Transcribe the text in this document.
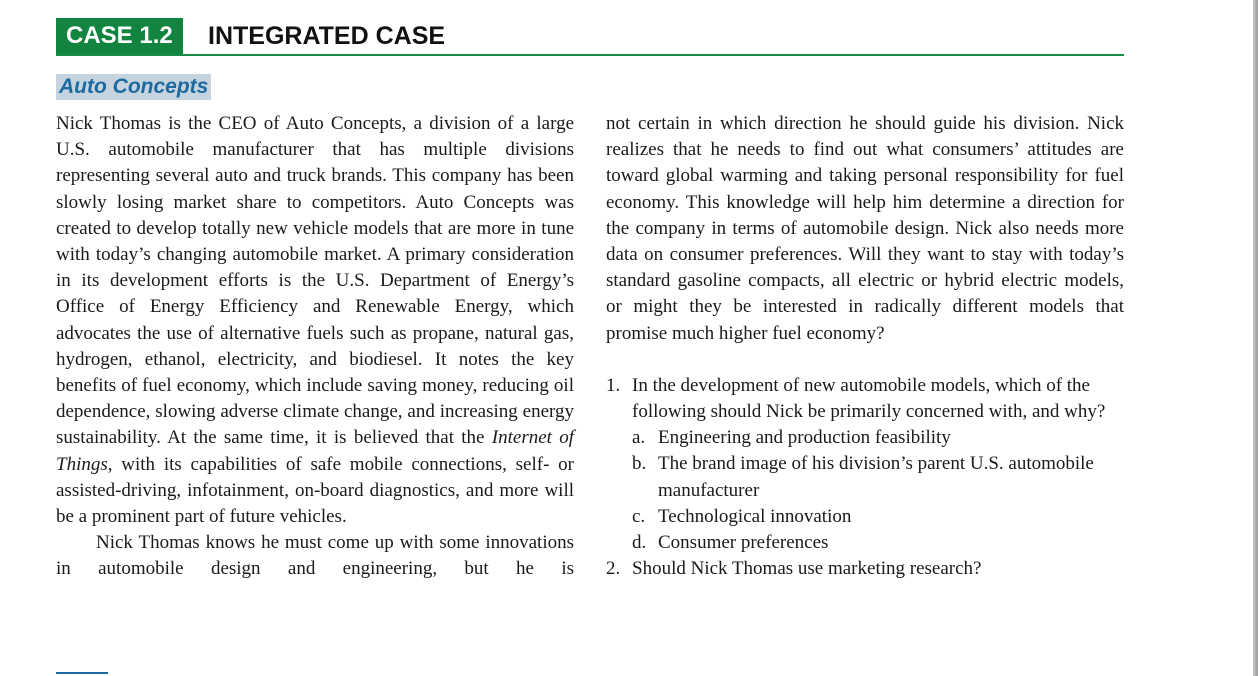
CASE 1.2	INTEGRATED CASE
Auto Concepts

Nick Thomas is the CEO of Auto Concepts, a division of a large U.S. automobile manufacturer that has multiple divisions representing several auto and truck brands. This company has been slowly losing market share to competitors. Auto Concepts was created to develop totally new vehicle models that are more in tune with today’s changing automobile market. A primary consideration in its development efforts is the U.S. Department of Energy’s Office of Energy Efficiency and Renewable Energy, which advocates the use of alternative fuels such as propane, natural gas, hydrogen, ethanol, electricity, and biodiesel. It notes the key benefits of fuel economy, which include saving money, reducing oil dependence, slowing adverse climate change, and increasing energy sustainability. At the same time, it is believed that the Internet of Things, with its capabilities of safe mobile connections, self- or assisted-driving, infotainment, on-board diagnostics, and more will be a prominent part of future vehicles.

Nick Thomas knows he must come up with some innovations in automobile design and engineering, but he is

not certain in which direction he should guide his division. Nick realizes that he needs to find out what consumers’ attitudes are toward global warming and taking personal responsibility for fuel economy. This knowledge will help him determine a direction for the company in terms of automobile design. Nick also needs more data on consumer preferences. Will they want to stay with today’s standard gasoline compacts, all electric or hybrid electric models, or might they be interested in radically different models that promise much higher fuel economy?

1. In the development of new automobile models, which of the following should Nick be primarily concerned with, and why?
a. Engineering and production feasibility
b. The brand image of his division’s parent U.S. automobile manufacturer
c. Technological innovation
d. Consumer preferences
2. Should Nick Thomas use marketing research?
